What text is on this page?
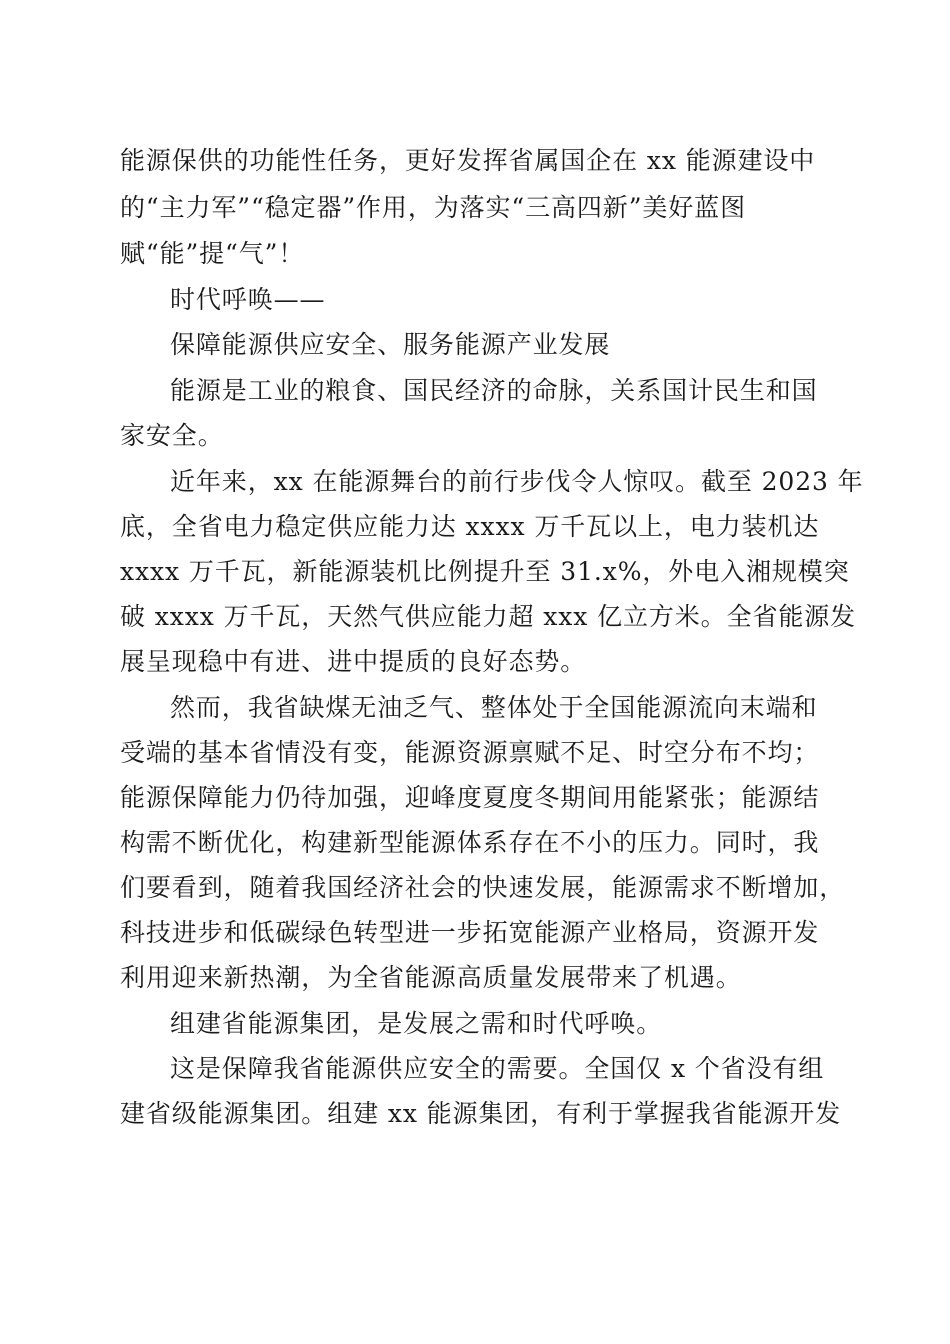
能源保供的功能性任务，更好发挥省属国企在 xx 能源建设中

的“主力军”“稳定器”作用，为落实“三高四新”美好蓝图

赋“能”提“气”！

时代呼唤——

保障能源供应安全、服务能源产业发展

能源是工业的粮食、国民经济的命脉，关系国计民生和国

家安全。

近年来，xx 在能源舞台的前行步伐令人惊叹。截至 2023 年

底，全省电力稳定供应能力达 xxxx 万千瓦以上，电力装机达

xxxx 万千瓦，新能源装机比例提升至 31.x%，外电入湘规模突

破 xxxx 万千瓦，天然气供应能力超 xxx 亿立方米。全省能源发

展呈现稳中有进、进中提质的良好态势。

然而，我省缺煤无油乏气、整体处于全国能源流向末端和

受端的基本省情没有变，能源资源禀赋不足、时空分布不均；

能源保障能力仍待加强，迎峰度夏度冬期间用能紧张；能源结

构需不断优化，构建新型能源体系存在不小的压力。同时，我

们要看到，随着我国经济社会的快速发展，能源需求不断增加，

科技进步和低碳绿色转型进一步拓宽能源产业格局，资源开发

利用迎来新热潮，为全省能源高质量发展带来了机遇。

组建省能源集团，是发展之需和时代呼唤。

这是保障我省能源供应安全的需要。全国仅 x 个省没有组

建省级能源集团。组建 xx 能源集团，有利于掌握我省能源开发
